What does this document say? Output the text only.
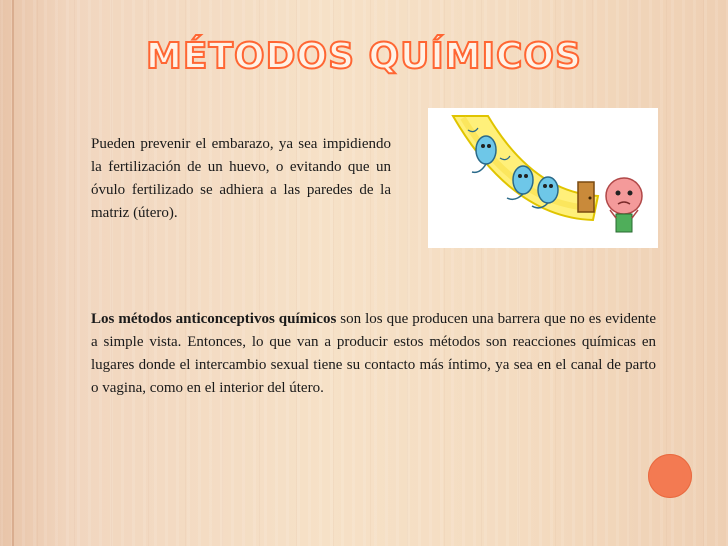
MÉTODOS QUÍMICOS
Pueden prevenir el embarazo, ya sea impidiendo la fertilización de un huevo, o evitando que un óvulo fertilizado se adhiera a las paredes de la matriz (útero).
Los métodos anticonceptivos químicos son los que producen una barrera que no es evidente a simple vista. Entonces, lo que van a producir estos métodos son reacciones químicas en lugares donde el intercambio sexual tiene su contacto más íntimo, ya sea en el canal de parto o vagina, como en el interior del útero.
